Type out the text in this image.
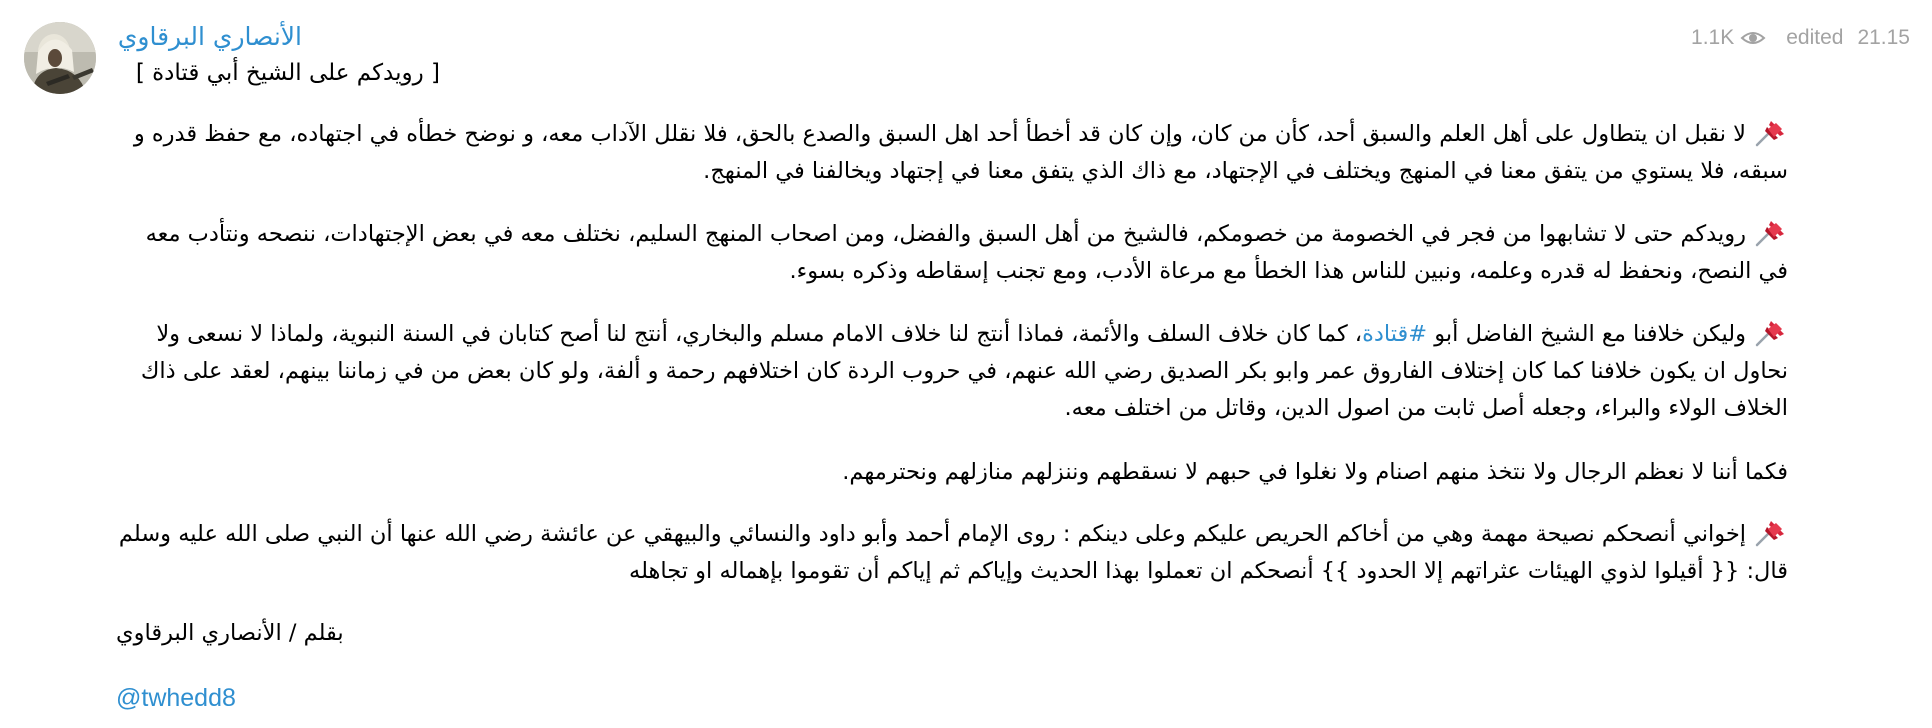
الأنصاري البرقاوي	1.1K edited 21.15
[ رويدكم على الشيخ أبي قتادة ]
لا نقبل ان يتطاول على أهل العلم والسبق أحد، كأن من كان، وإن كان قد أخطأ أحد اهل السبق والصدع بالحق، فلا نقلل الآداب معه، و نوضح خطأه في اجتهاده، مع حفظ قدره و سبقه، فلا يستوي من يتفق معنا في المنهج ويختلف في الإجتهاد، مع ذاك الذي يتفق معنا في إجتهاد ويخالفنا في المنهج.
رويدكم حتى لا تشابهوا من فجر في الخصومة من خصومكم، فالشيخ من أهل السبق والفضل، ومن اصحاب المنهج السليم، نختلف معه في بعض الإجتهادات، ننصحه ونتأدب معه في النصح، ونحفظ له قدره وعلمه، ونبين للناس هذا الخطأ مع مرعاة الأدب، ومع تجنب إسقاطه وذكره بسوء.
وليكن خلافنا مع الشيخ الفاضل أبو #قتادة، كما كان خلاف السلف والأئمة، فماذا أنتج لنا خلاف الامام مسلم والبخاري، أنتج لنا أصح كتابان في السنة النبوية، ولماذا لا نسعى ولا نحاول ان يكون خلافنا كما كان إختلاف الفاروق عمر وابو بكر الصديق رضي الله عنهم، في حروب الردة كان اختلافهم رحمة و ألفة، ولو كان بعض من في زماننا بينهم، لعقد على ذاك الخلاف الولاء والبراء، وجعله أصل ثابت من اصول الدين، وقاتل من اختلف معه.
فكما أننا لا نعظم الرجال ولا نتخذ منهم اصنام ولا نغلوا في حبهم لا نسقطهم وننزلهم منازلهم ونحترمهم.
إخواني أنصحكم نصيحة مهمة وهي من أخاكم الحريص عليكم وعلى دينكم : روى الإمام أحمد وأبو داود والنسائي والبيهقي عن عائشة رضي الله عنها أن النبي صلى الله عليه وسلم قال: {{ أقيلوا لذوي الهيئات عثراتهم إلا الحدود }} أنصحكم ان تعملوا بهذا الحديث وإياكم ثم إياكم أن تقوموا بإهماله او تجاهله
بقلم / الأنصاري البرقاوي
@twhedd8
